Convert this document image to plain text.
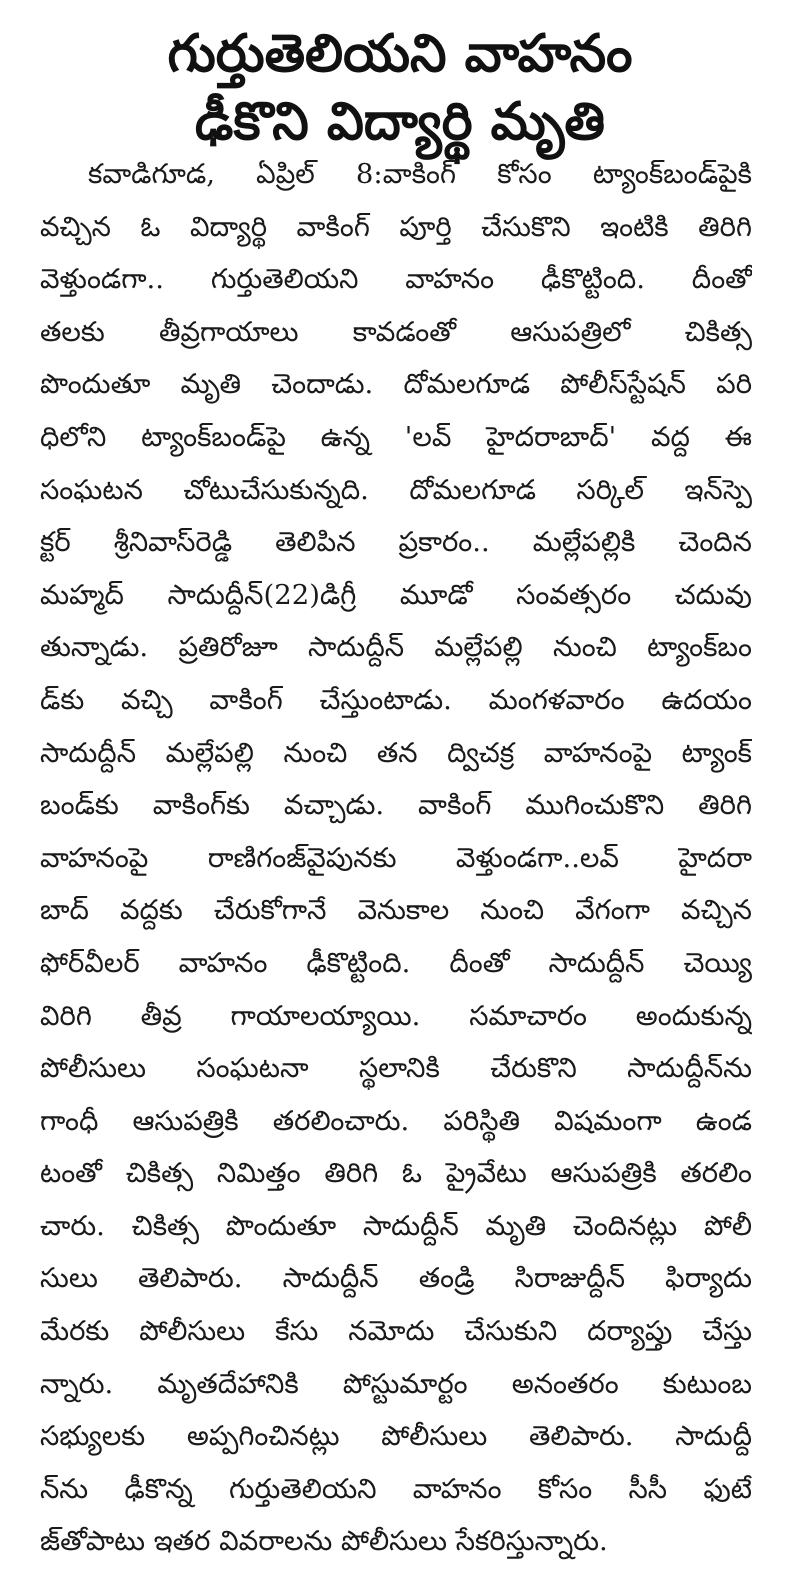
గుర్తుతెలియని వాహనం
ఢీకొని విద్యార్థి మృతి
కవాడిగూడ, ఏప్రిల్ 8:వాకింగ్ కోసం ట్యాంక్‌బండ్‌పైకి
వచ్చిన ఓ విద్యార్థి వాకింగ్ పూర్తి చేసుకొని ఇంటికి తిరిగి
వెళ్తుండగా.. గుర్తుతెలియని వాహనం ఢీకొట్టింది. దీంతో
తలకు తీవ్రగాయాలు కావడంతో ఆసుపత్రిలో చికిత్స
పొందుతూ మృతి చెందాడు. దోమలగూడ పోలీస్‌స్టేషన్ పరి
ధిలోని ట్యాంక్‌బండ్‌పై ఉన్న 'లవ్ హైదరాబాద్' వద్ద ఈ
సంఘటన చోటుచేసుకున్నది. దోమలగూడ సర్కిల్ ఇన్‌స్పె
క్టర్ శ్రీనివాస్‌రెడ్డి తెలిపిన ప్రకారం.. మల్లేపల్లికి చెందిన
మహ్మద్ సాదుద్దీన్(22)డిగ్రీ మూడో సంవత్సరం చదువు
తున్నాడు. ప్రతిరోజూ సాదుద్దీన్ మల్లేపల్లి నుంచి ట్యాంక్‌బం
డ్‌కు వచ్చి వాకింగ్ చేస్తుంటాడు. మంగళవారం ఉదయం
సాదుద్దీన్ మల్లేపల్లి నుంచి తన ద్విచక్ర వాహనంపై ట్యాంక్
బండ్‌కు వాకింగ్‌కు వచ్చాడు. వాకింగ్ ముగించుకొని తిరిగి
వాహనంపై రాణిగంజ్‌వైపునకు వెళ్తుండగా..లవ్ హైదరా
బాద్ వద్దకు చేరుకోగానే వెనుకాల నుంచి వేగంగా వచ్చిన
ఫోర్‌వీలర్ వాహనం ఢీకొట్టింది. దీంతో సాదుద్దీన్ చెయ్యి
విరిగి తీవ్ర గాయాలయ్యాయి. సమాచారం అందుకున్న
పోలీసులు సంఘటనా స్థలానికి చేరుకొని సాదుద్దీన్‌ను
గాంధీ ఆసుపత్రికి తరలించారు. పరిస్థితి విషమంగా ఉండ
టంతో చికిత్స నిమిత్తం తిరిగి ఓ ప్రైవేటు ఆసుపత్రికి తరలిం
చారు. చికిత్స పొందుతూ సాదుద్దీన్ మృతి చెందినట్లు పోలీ
సులు తెలిపారు. సాదుద్దీన్ తండ్రి సిరాజుద్దీన్ ఫిర్యాదు
మేరకు పోలీసులు కేసు నమోదు చేసుకుని దర్యాప్తు చేస్తు
న్నారు. మృతదేహానికి పోస్టుమార్టం అనంతరం కుటుంబ
సభ్యులకు అప్పగించినట్లు పోలీసులు తెలిపారు. సాదుద్దీ
న్‌ను ఢీకొన్న గుర్తుతెలియని వాహనం కోసం సీసీ ఫుటే
జ్‌తోపాటు ఇతర వివరాలను పోలీసులు సేకరిస్తున్నారు.
